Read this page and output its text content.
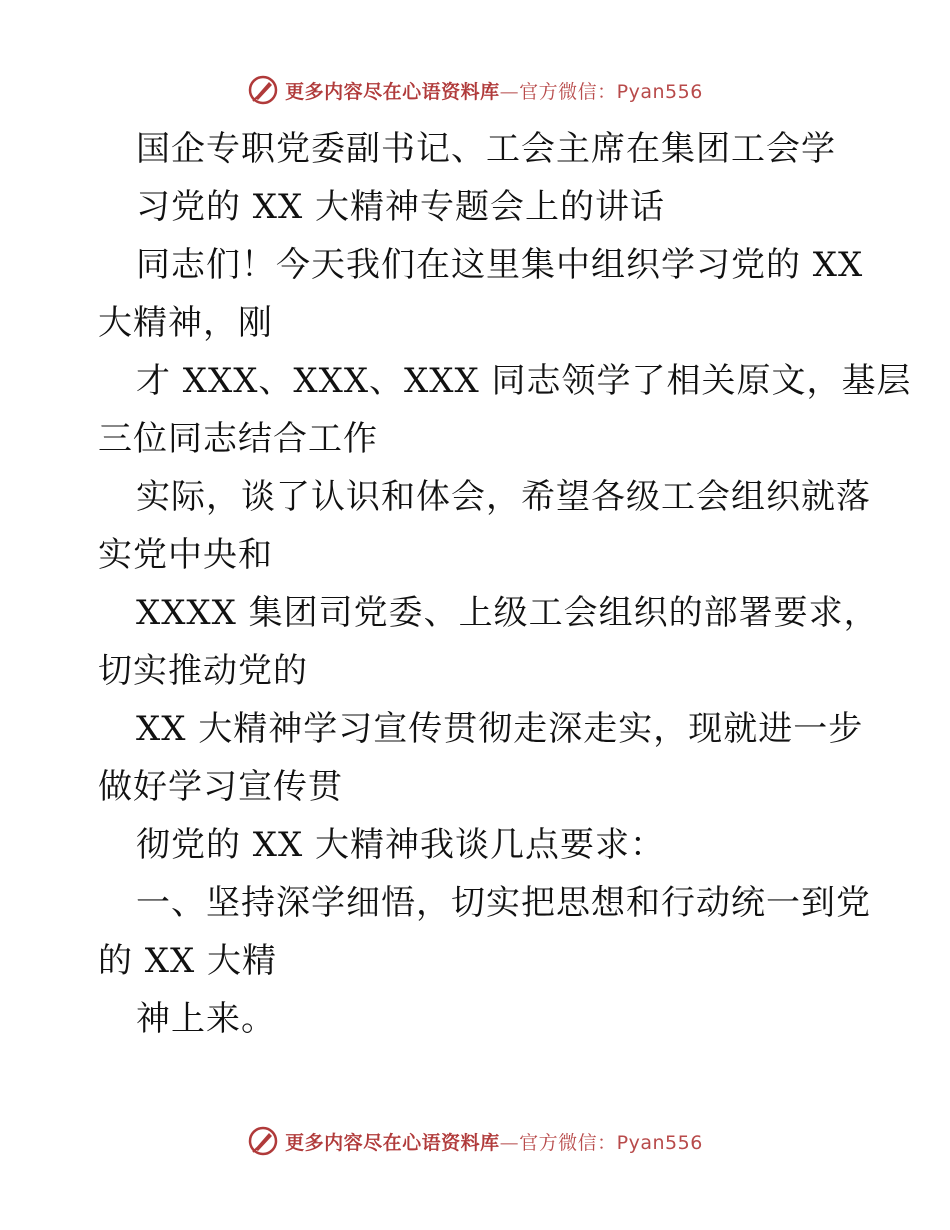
更多内容尽在心语资料库—官方微信：Pyan556
国企专职党委副书记、工会主席在集团工会学
习党的 XX 大精神专题会上的讲话
同志们！今天我们在这里集中组织学习党的 XX
大精神，刚
才 XXX、XXX、XXX 同志领学了相关原文，基层
三位同志结合工作
实际，谈了认识和体会，希望各级工会组织就落
实党中央和
XXXX 集团司党委、上级工会组织的部署要求，
切实推动党的
XX 大精神学习宣传贯彻走深走实，现就进一步
做好学习宣传贯
彻党的 XX 大精神我谈几点要求：
一、坚持深学细悟，切实把思想和行动统一到党
的 XX 大精
神上来。
更多内容尽在心语资料库—官方微信：Pyan556
